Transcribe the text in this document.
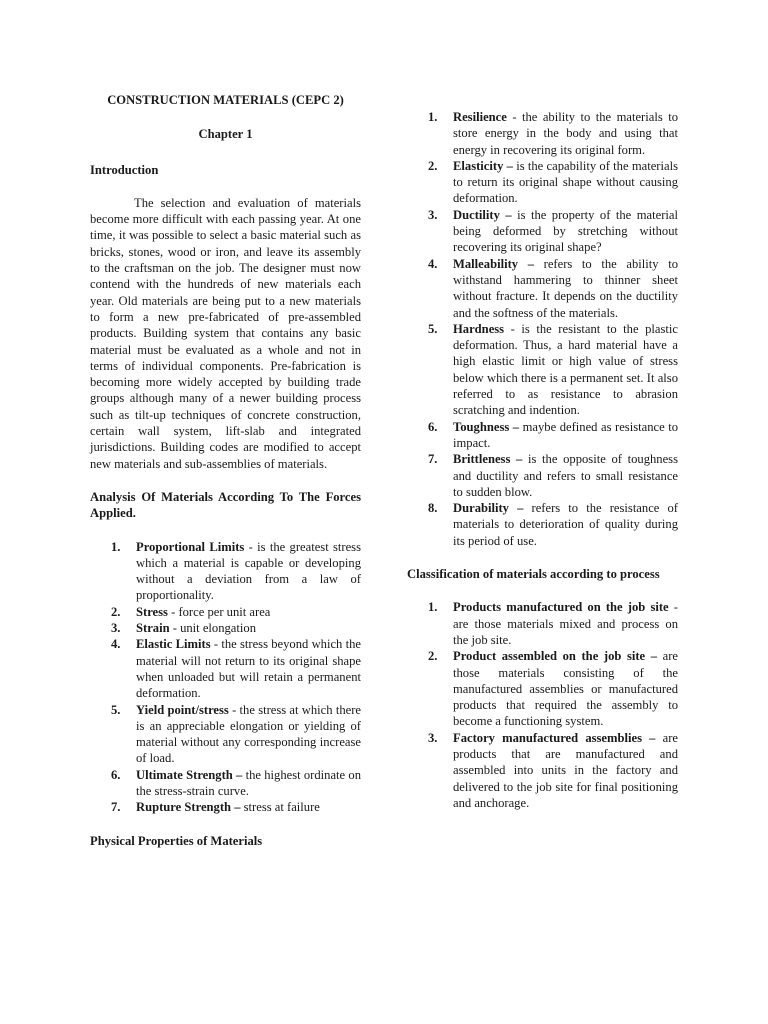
CONSTRUCTION MATERIALS (CEPC 2)

Chapter 1

Introduction

The selection and evaluation of materials become more difficult with each passing year. At one time, it was possible to select a basic material such as bricks, stones, wood or iron, and leave its assembly to the craftsman on the job. The designer must now contend with the hundreds of new materials each year. Old materials are being put to a new materials to form a new pre-fabricated of pre-assembled products. Building system that contains any basic material must be evaluated as a whole and not in terms of individual components. Pre-fabrication is becoming more widely accepted by building trade groups although many of a newer building process such as tilt-up techniques of concrete construction, certain wall system, lift-slab and integrated jurisdictions. Building codes are modified to accept new materials and sub-assemblies of materials.

Analysis Of Materials According To The Forces Applied.

1.	Proportional Limits - is the greatest stress which a material is capable or developing without a deviation from a law of proportionality.
2.	Stress - force per unit area
3.	Strain - unit elongation
4.	Elastic Limits - the stress beyond which the material will not return to its original shape when unloaded but will retain a permanent deformation.
5.	Yield point/stress - the stress at which there is an appreciable elongation or yielding of material without any corresponding increase of load.
6.	Ultimate Strength – the highest ordinate on the stress-strain curve.
7.	Rupture Strength – stress at failure

Physical Properties of Materials

1.	Resilience - the ability to the materials to store energy in the body and using that energy in recovering its original form.
2.	Elasticity – is the capability of the materials to return its original shape without causing deformation.
3.	Ductility – is the property of the material being deformed by stretching without recovering its original shape?
4.	Malleability – refers to the ability to withstand hammering to thinner sheet without fracture. It depends on the ductility and the softness of the materials.
5.	Hardness - is the resistant to the plastic deformation. Thus, a hard material have a high elastic limit or high value of stress below which there is a permanent set. It also referred to as resistance to abrasion scratching and indention.
6.	Toughness – maybe defined as resistance to impact.
7.	Brittleness – is the opposite of toughness and ductility and refers to small resistance to sudden blow.
8.	Durability – refers to the resistance of materials to deterioration of quality during its period of use.

Classification of materials according to process

1.	Products manufactured on the job site -are those materials mixed and process on the job site.
2.	Product assembled on the job site – are those materials consisting of the manufactured assemblies or manufactured products that required the assembly to become a functioning system.
3.	Factory manufactured assemblies – are products that are manufactured and assembled into units in the factory and delivered to the job site for final positioning and anchorage.
